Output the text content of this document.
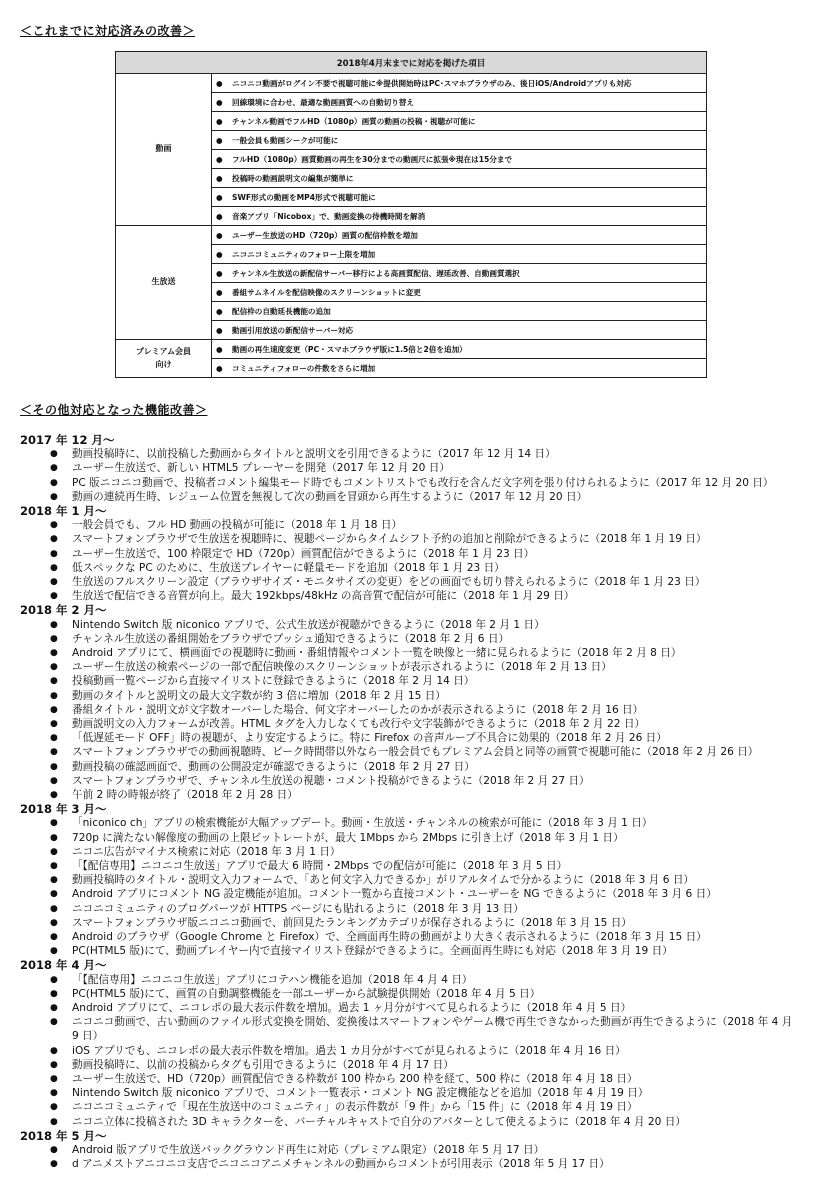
＜これまでに対応済みの改善＞
2018年4月末までに対応を掲げた項目	
動画	● ニコニコ動画がログイン不要で視聴可能に※提供開始時はPC･スマホブラウザのみ、後日iOS/Androidアプリも対応
	● 回線環境に合わせ、最適な動画画質への自動切り替え
	● チャンネル動画でフルHD（1080p）画質の動画の投稿・視聴が可能に
	● 一般会員も動画シークが可能に
	● フルHD（1080p）画質動画の再生を30分までの動画尺に拡張※現在は15分まで
	● 投稿時の動画説明文の編集が簡単に
	● SWF形式の動画をMP4形式で視聴可能に
	● 音楽アプリ「Nicobox」で、動画変換の待機時間を解消
生放送	● ユーザー生放送のHD（720p）画質の配信枠数を増加
	● ニコニコミュニティのフォロー上限を増加
	● チャンネル生放送の新配信サーバー移行による高画質配信、遅延改善、自動画質選択
	● 番組サムネイルを配信映像のスクリーンショットに変更
	● 配信枠の自動延長機能の追加
	● 動画引用放送の新配信サーバー対応
プレミアム会員
向け	● 動画の再生速度変更（PC・スマホブラウザ版に1.5倍と2倍を追加）
	● コミュニティフォローの件数をさらに増加
＜その他対応となった機能改善＞
2017 年 12 月～
● 動画投稿時に、以前投稿した動画からタイトルと説明文を引用できるように（2017 年 12 月 14 日）
● ユーザー生放送で、新しい HTML5 プレーヤーを開発（2017 年 12 月 20 日）
● PC 版ニコニコ動画で、投稿者コメント編集モード時でもコメントリストでも改行を含んだ文字列を張り付けられるように（2017 年 12 月 20 日）
● 動画の連続再生時、レジューム位置を無視して次の動画を冒頭から再生するように（2017 年 12 月 20 日）
2018 年 1 月～
● 一般会員でも、フル HD 動画の投稿が可能に（2018 年 1 月 18 日）
● スマートフォンブラウザで生放送を視聴時に、視聴ページからタイムシフト予約の追加と削除ができるように（2018 年 1 月 19 日）
● ユーザー生放送で、100 枠限定で HD（720p）画質配信ができるように（2018 年 1 月 23 日）
● 低スペックな PC のために、生放送プレイヤーに軽量モードを追加（2018 年 1 月 23 日）
● 生放送のフルスクリーン設定（ブラウザサイズ・モニタサイズの変更）をどの画面でも切り替えられるように（2018 年 1 月 23 日）
● 生放送で配信できる音質が向上。最大 192kbps/48kHz の高音質で配信が可能に（2018 年 1 月 29 日）
2018 年 2 月～
● Nintendo Switch 版 niconico アプリで、公式生放送が視聴ができるように（2018 年 2 月 1 日）
● チャンネル生放送の番組開始をブラウザでプッシュ通知できるように（2018 年 2 月 6 日）
● Android アプリにて、横画面での視聴時に動画・番組情報やコメント一覧を映像と一緒に見られるように（2018 年 2 月 8 日）
● ユーザー生放送の検索ページの一部で配信映像のスクリーンショットが表示されるように（2018 年 2 月 13 日）
● 投稿動画一覧ページから直接マイリストに登録できるように（2018 年 2 月 14 日）
● 動画のタイトルと説明文の最大文字数が約 3 倍に増加（2018 年 2 月 15 日）
● 番組タイトル・説明文が文字数オーバーした場合、何文字オーバーしたのかが表示されるように（2018 年 2 月 16 日）
● 動画説明文の入力フォームが改善。HTML タグを入力しなくても改行や文字装飾ができるように（2018 年 2 月 22 日）
● 「低遅延モード OFF」時の視聴が、より安定するように。特に Firefox の音声ループ不具合に効果的（2018 年 2 月 26 日）
● スマートフォンブラウザでの動画視聴時、ピーク時間帯以外なら一般会員でもプレミアム会員と同等の画質で視聴可能に（2018 年 2 月 26 日）
● 動画投稿の確認画面で、動画の公開設定が確認できるように（2018 年 2 月 27 日）
● スマートフォンブラウザで、チャンネル生放送の視聴・コメント投稿ができるように（2018 年 2 月 27 日）
● 午前 2 時の時報が終了（2018 年 2 月 28 日）
2018 年 3 月～
● 「niconico ch」アプリの検索機能が大幅アップデート。動画・生放送・チャンネルの検索が可能に（2018 年 3 月 1 日）
● 720p に満たない解像度の動画の上限ビットレートが、最大 1Mbps から 2Mbps に引き上げ（2018 年 3 月 1 日）
● ニコニ広告がマイナス検索に対応（2018 年 3 月 1 日）
● 「【配信専用】ニコニコ生放送」アプリで最大 6 時間・2Mbps での配信が可能に（2018 年 3 月 5 日）
● 動画投稿時のタイトル・説明文入力フォームで、「あと何文字入力できるか」がリアルタイムで分かるように（2018 年 3 月 6 日）
● Android アプリにコメント NG 設定機能が追加。コメント一覧から直接コメント・ユーザーを NG できるように（2018 年 3 月 6 日）
● ニコニコミュニティのブログパーツが HTTPS ページにも貼れるように（2018 年 3 月 13 日）
● スマートフォンブラウザ版ニコニコ動画で、前回見たランキングカテゴリが保存されるように（2018 年 3 月 15 日）
● Android のブラウザ（Google Chrome と Firefox）で、全画面再生時の動画がより大きく表示されるように（2018 年 3 月 15 日）
● PC(HTML5 版)にて、動画プレイヤー内で直接マイリスト登録ができるように。全画面再生時にも対応（2018 年 3 月 19 日）
2018 年 4 月～
● 「【配信専用】ニコニコ生放送」アプリにコテハン機能を追加（2018 年 4 月 4 日）
● PC(HTML5 版)にて、画質の自動調整機能を一部ユーザーから試験提供開始（2018 年 4 月 5 日）
● Android アプリにて、ニコレポの最大表示件数を増加。過去 1 ヶ月分がすべて見られるように（2018 年 4 月 5 日）
● ニコニコ動画で、古い動画のファイル形式変換を開始、変換後はスマートフォンやゲーム機で再生できなかった動画が再生できるように（2018 年 4 月 9 日）
● iOS アプリでも、ニコレポの最大表示件数を増加。過去 1 カ月分がすべてが見られるように（2018 年 4 月 16 日）
● 動画投稿時に、以前の投稿からタグも引用できるように（2018 年 4 月 17 日）
● ユーザー生放送で、HD（720p）画質配信できる枠数が 100 枠から 200 枠を経て、500 枠に（2018 年 4 月 18 日）
● Nintendo Switch 版 niconico アプリで、コメント一覧表示・コメント NG 設定機能などを追加（2018 年 4 月 19 日）
● ニコニコミュニティで「現在生放送中のコミュニティ」の表示件数が「9 件」から「15 件」に（2018 年 4 月 19 日）
● ニコニ立体に投稿された 3D キャラクターを、バーチャルキャストで自分のアバターとして使えるように（2018 年 4 月 20 日）
2018 年 5 月～
● Android 版アプリで生放送バックグラウンド再生に対応（プレミアム限定）（2018 年 5 月 17 日）
● d アニメストアニコニコ支店でニコニコアニメチャンネルの動画からコメントが引用表示（2018 年 5 月 17 日）
